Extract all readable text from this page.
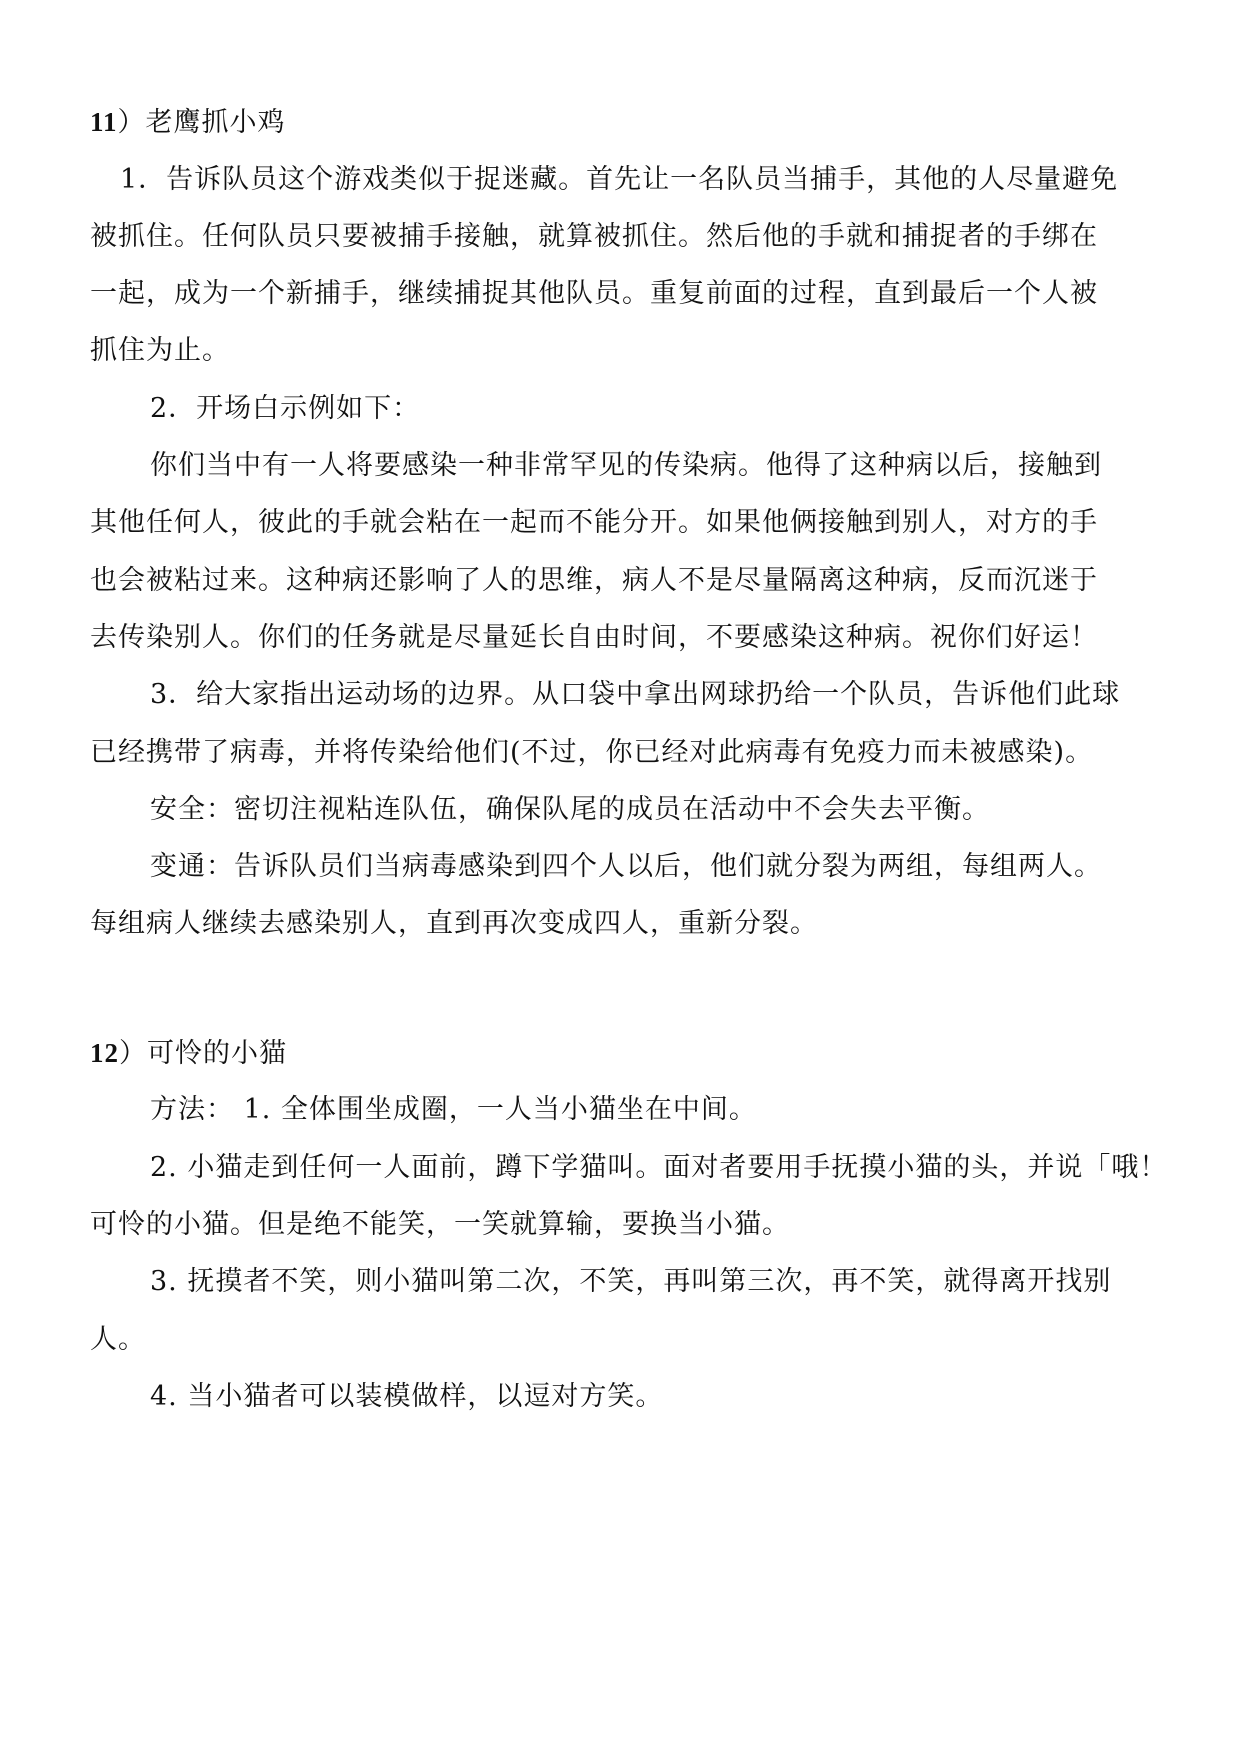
11）老鹰抓小鸡
1．告诉队员这个游戏类似于捉迷藏。首先让一名队员当捕手，其他的人尽量避免
被抓住。任何队员只要被捕手接触，就算被抓住。然后他的手就和捕捉者的手绑在
一起，成为一个新捕手，继续捕捉其他队员。重复前面的过程，直到最后一个人被
抓住为止。
2．开场白示例如下：
你们当中有一人将要感染一种非常罕见的传染病。他得了这种病以后，接触到
其他任何人，彼此的手就会粘在一起而不能分开。如果他俩接触到别人，对方的手
也会被粘过来。这种病还影响了人的思维，病人不是尽量隔离这种病，反而沉迷于
去传染别人。你们的任务就是尽量延长自由时间，不要感染这种病。祝你们好运！
3．给大家指出运动场的边界。从口袋中拿出网球扔给一个队员，告诉他们此球
已经携带了病毒，并将传染给他们(不过，你已经对此病毒有免疫力而未被感染)。
安全：密切注视粘连队伍，确保队尾的成员在活动中不会失去平衡。
变通：告诉队员们当病毒感染到四个人以后，他们就分裂为两组，每组两人。
每组病人继续去感染别人，直到再次变成四人，重新分裂。
12）可怜的小猫
方法： 1. 全体围坐成圈，一人当小猫坐在中间。
2. 小猫走到任何一人面前，蹲下学猫叫。面对者要用手抚摸小猫的头，并说「哦！
可怜的小猫。但是绝不能笑，一笑就算输，要换当小猫。
3. 抚摸者不笑，则小猫叫第二次，不笑，再叫第三次，再不笑，就得离开找别
人。
4. 当小猫者可以装模做样，以逗对方笑。
